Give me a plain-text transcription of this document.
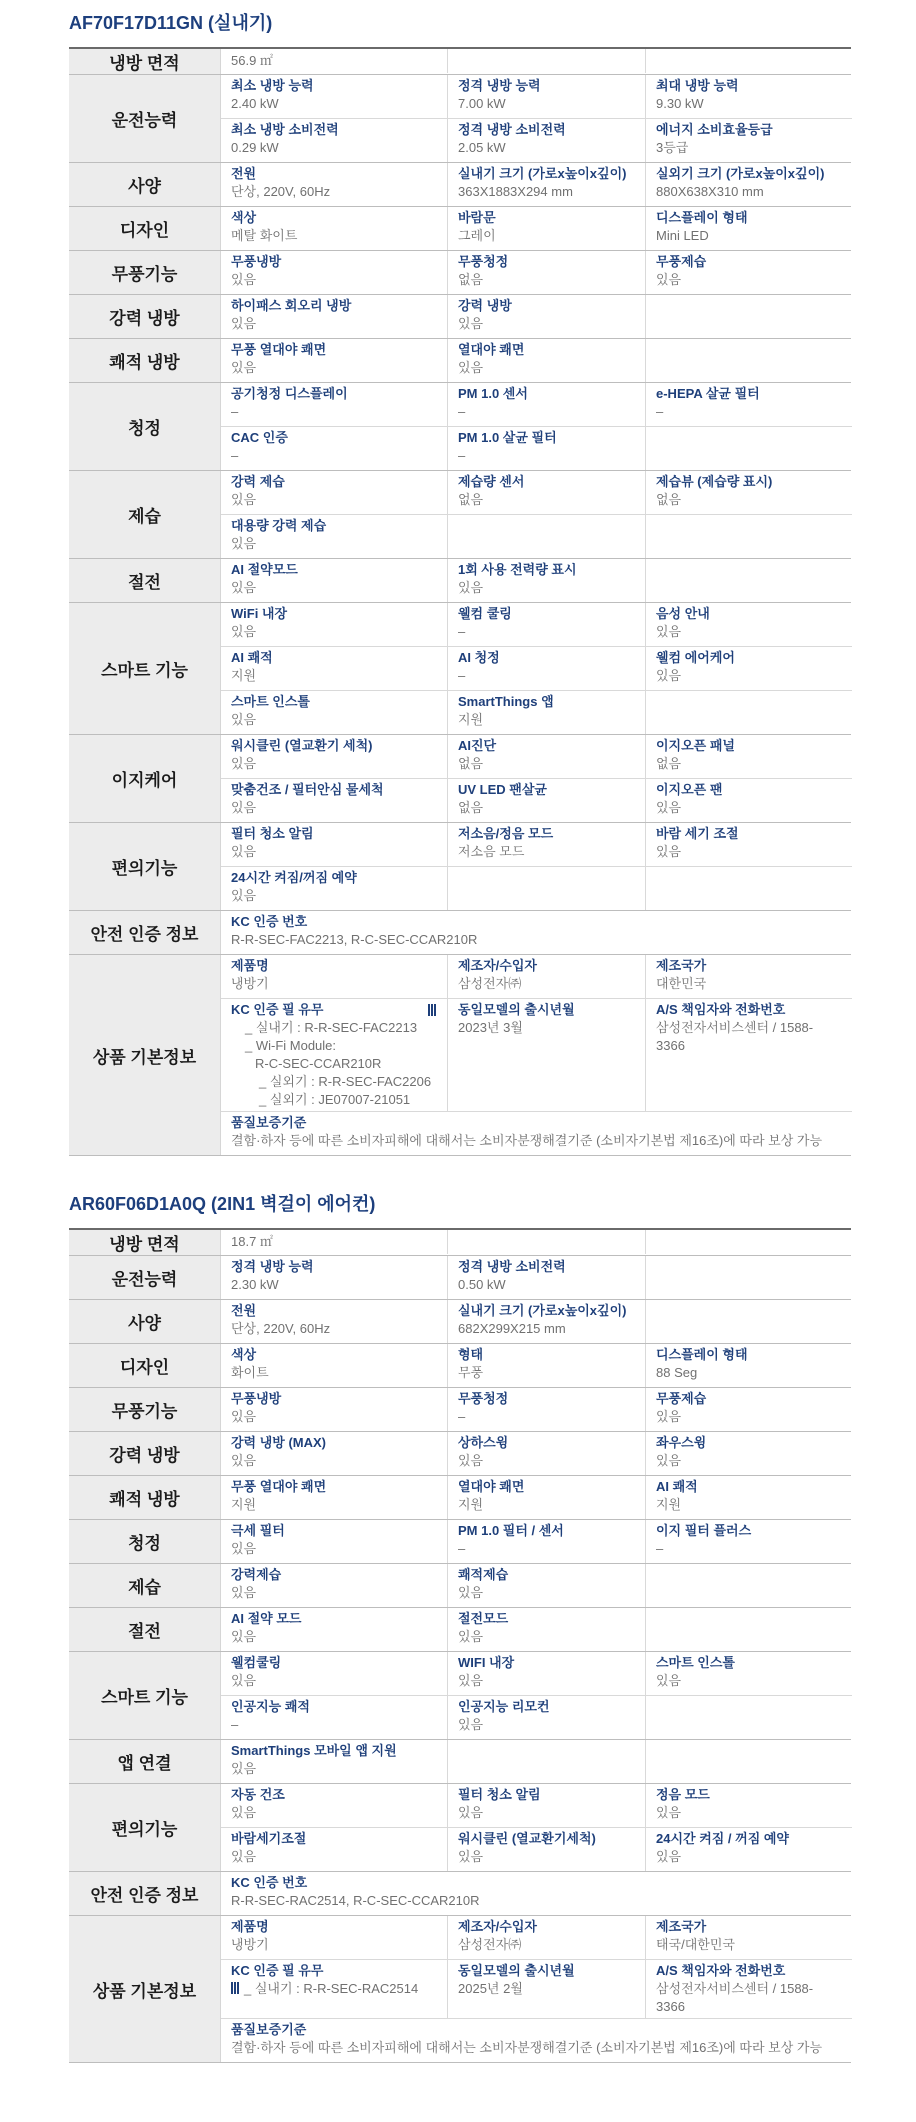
AF70F17D11GN (실내기)
냉방 면적	56.9 ㎡
운전능력
최소 냉방 능력
2.40 kW
정격 냉방 능력
7.00 kW
최대 냉방 능력
9.30 kW
최소 냉방 소비전력
0.29 kW
정격 냉방 소비전력
2.05 kW
에너지 소비효율등급
3등급
사양
전원
단상, 220V, 60Hz
실내기 크기 (가로x높이x깊이)
363X1883X294 mm
실외기 크기 (가로x높이x깊이)
880X638X310 mm
디자인
색상
메탈 화이트
바람문
그레이
디스플레이 형태
Mini LED
무풍기능
무풍냉방
있음
무풍청정
없음
무풍제습
있음
강력 냉방
하이패스 회오리 냉방
있음
강력 냉방
있음
쾌적 냉방
무풍 열대야 쾌면
있음
열대야 쾌면
있음
청정
공기청정 디스플레이
–
PM 1.0 센서
–
e-HEPA 살균 필터
–
CAC 인증
–
PM 1.0 살균 필터
–
제습
강력 제습
있음
제습량 센서
없음
제습뷰 (제습량 표시)
없음
대용량 강력 제습
있음
절전
AI 절약모드
있음
1회 사용 전력량 표시
있음
스마트 기능
WiFi 내장
있음
웰컴 쿨링
–
음성 안내
있음
AI 쾌적
지원
AI 청정
–
웰컴 에어케어
있음
스마트 인스톨
있음
SmartThings 앱
지원
이지케어
워시클린 (열교환기 세척)
있음
AI진단
없음
이지오픈 패널
없음
맞춤건조 / 필터안심 물세척
있음
UV LED 팬살균
없음
이지오픈 팬
있음
편의기능
필터 청소 알림
있음
저소음/정음 모드
저소음 모드
바람 세기 조절
있음
24시간 켜짐/꺼짐 예약
있음
안전 인증 정보
KC 인증 번호
R-R-SEC-FAC2213, R-C-SEC-CCAR210R
상품 기본정보
제품명
냉방기
제조자/수입자
삼성전자㈜
제조국가
대한민국
KC 인증 필 유무
_ 실내기 : R-R-SEC-FAC2213
_ Wi-Fi Module:
R-C-SEC-CCAR210R
_ 실외기 : R-R-SEC-FAC2206
_ 실외기 : JE07007-21051
동일모델의 출시년월
2023년 3월
A/S 책임자와 전화번호
삼성전자서비스센터 / 1588-3366
품질보증기준
결함·하자 등에 따른 소비자피해에 대해서는 소비자분쟁해결기준 (소비자기본법 제16조)에 따라 보상 가능
AR60F06D1A0Q (2IN1 벽걸이 에어컨)
냉방 면적	18.7 ㎡
운전능력
정격 냉방 능력
2.30 kW
정격 냉방 소비전력
0.50 kW
사양
전원
단상, 220V, 60Hz
실내기 크기 (가로x높이x깊이)
682X299X215 mm
디자인
색상
화이트
형태
무풍
디스플레이 형태
88 Seg
무풍기능
무풍냉방
있음
무풍청정
–
무풍제습
있음
강력 냉방
강력 냉방 (MAX)
있음
상하스윙
있음
좌우스윙
있음
쾌적 냉방
무풍 열대야 쾌면
지원
열대야 쾌면
지원
AI 쾌적
지원
청정
극세 필터
있음
PM 1.0 필터 / 센서
–
이지 필터 플러스
–
제습
강력제습
있음
쾌적제습
있음
절전
AI 절약 모드
있음
절전모드
있음
스마트 기능
웰컴쿨링
있음
WIFI 내장
있음
스마트 인스톨
있음
인공지능 쾌적
–
인공지능 리모컨
있음
앱 연결
SmartThings 모바일 앱 지원
있음
편의기능
자동 건조
있음
필터 청소 알림
있음
정음 모드
있음
바람세기조절
있음
워시클린 (열교환기세척)
있음
24시간 켜짐 / 꺼짐 예약
있음
안전 인증 정보
KC 인증 번호
R-R-SEC-RAC2514, R-C-SEC-CCAR210R
상품 기본정보
제품명
냉방기
제조자/수입자
삼성전자㈜
제조국가
태국/대한민국
KC 인증 필 유무
_ 실내기 : R-R-SEC-RAC2514
동일모델의 출시년월
2025년 2월
A/S 책임자와 전화번호
삼성전자서비스센터 / 1588-3366
품질보증기준
결함·하자 등에 따른 소비자피해에 대해서는 소비자분쟁해결기준 (소비자기본법 제16조)에 따라 보상 가능
